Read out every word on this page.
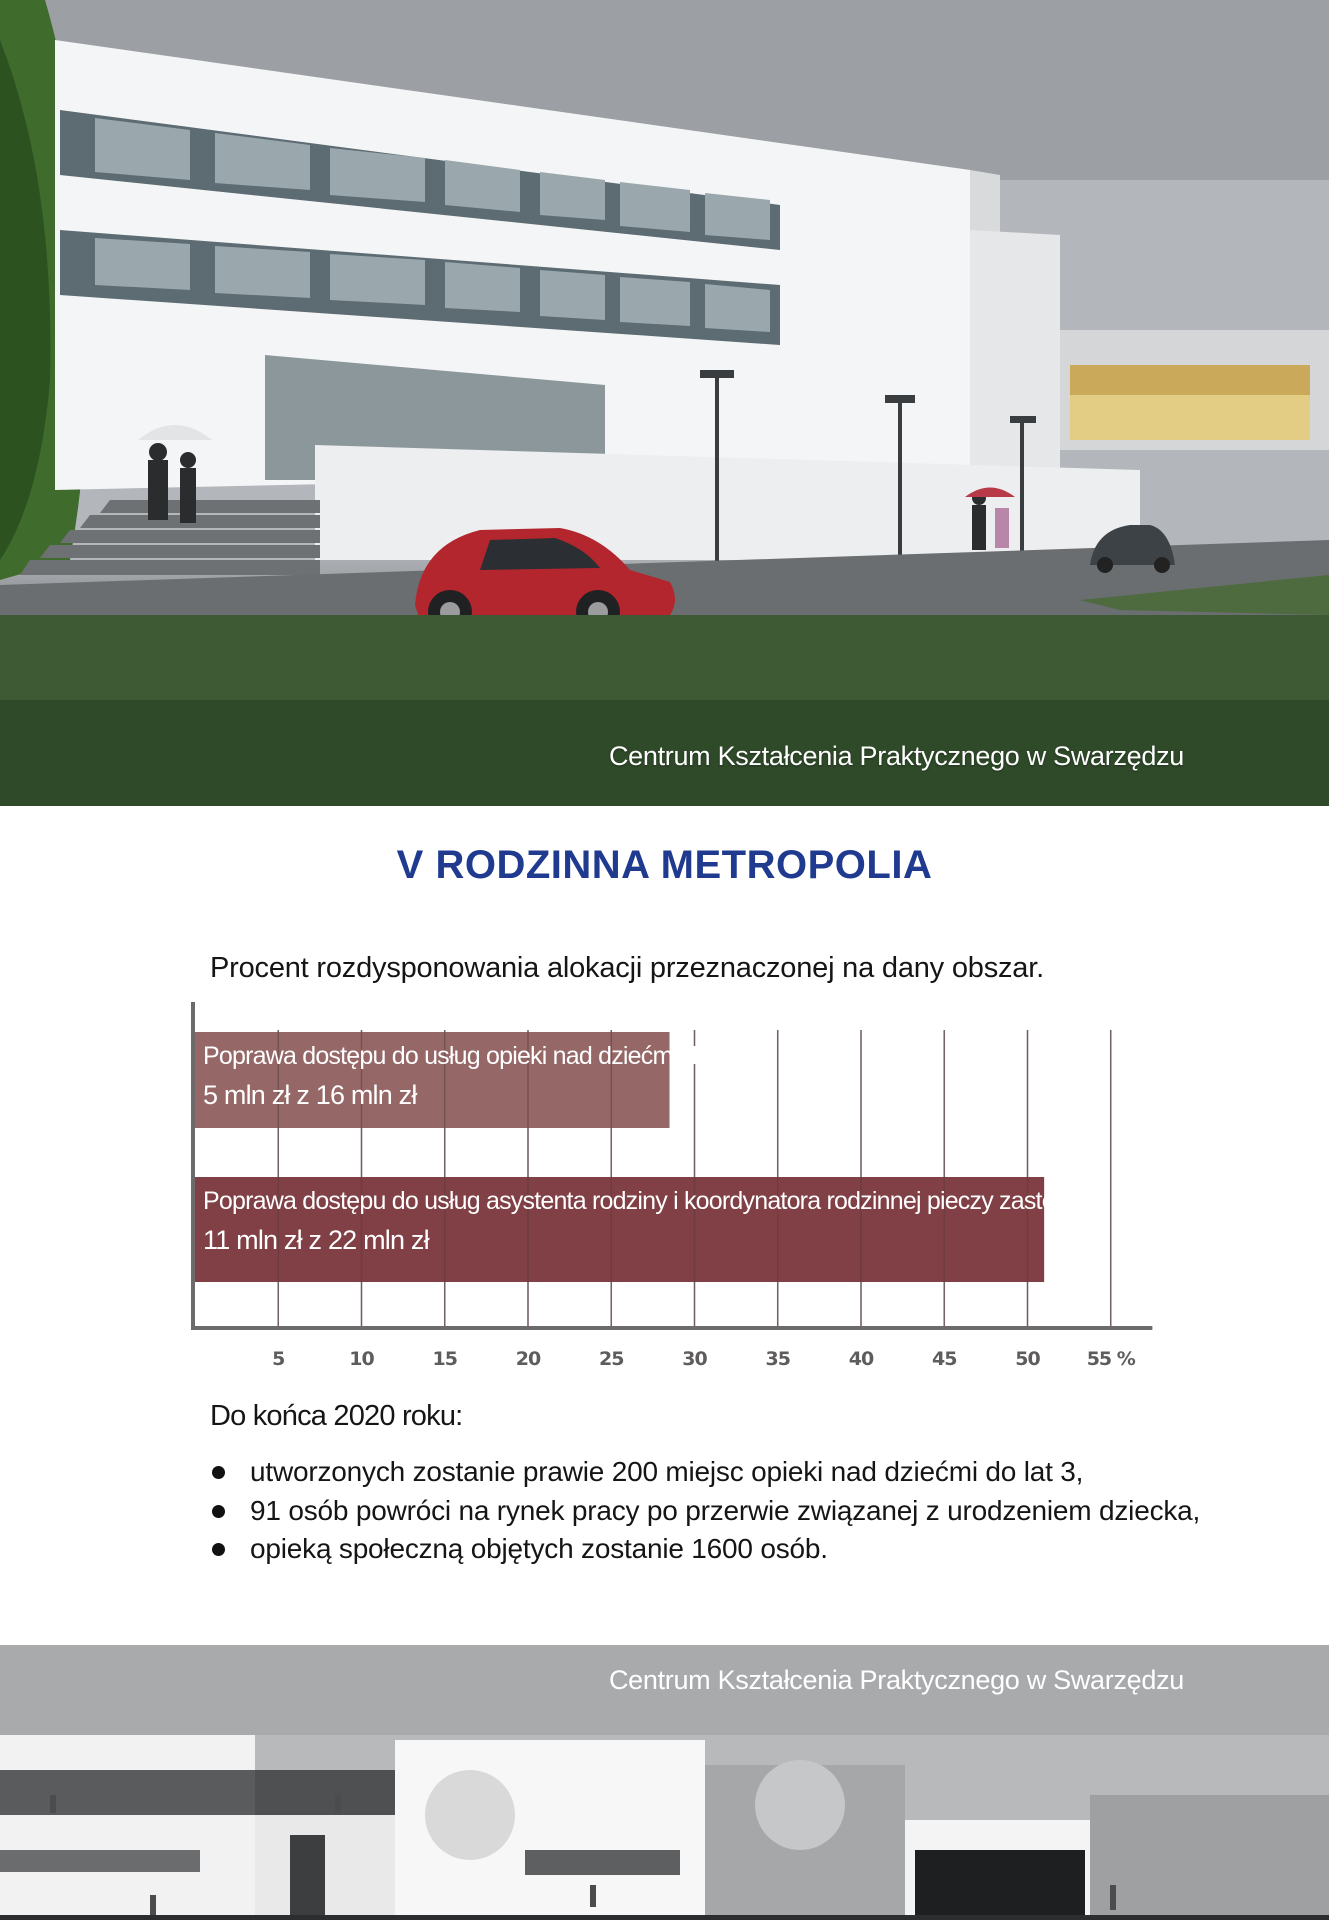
Centrum Kształcenia Praktycznego w Swarzędzu
V RODZINNA METROPOLIA
Procent rozdysponowania alokacji przeznaczonej na dany obszar.
5	10	15	20	25	30	35	40	45	50 55 %
Poprawa dostępu do usług opieki nad dziećmi do lat 3
5 mln zł z 16 mln zł
Poprawa dostępu do usług asystenta rodziny i koordynatora rodzinnej pieczy zastępczej
11 mln zł z 22 mln zł
Do końca 2020 roku:
utworzonych zostanie prawie 200 miejsc opieki nad dziećmi do lat 3,
91 osób powróci na rynek pracy po przerwie związanej z urodzeniem dziecka,
opieką społeczną objętych zostanie 1600 osób.
Centrum Kształcenia Praktycznego w Swarzędzu
